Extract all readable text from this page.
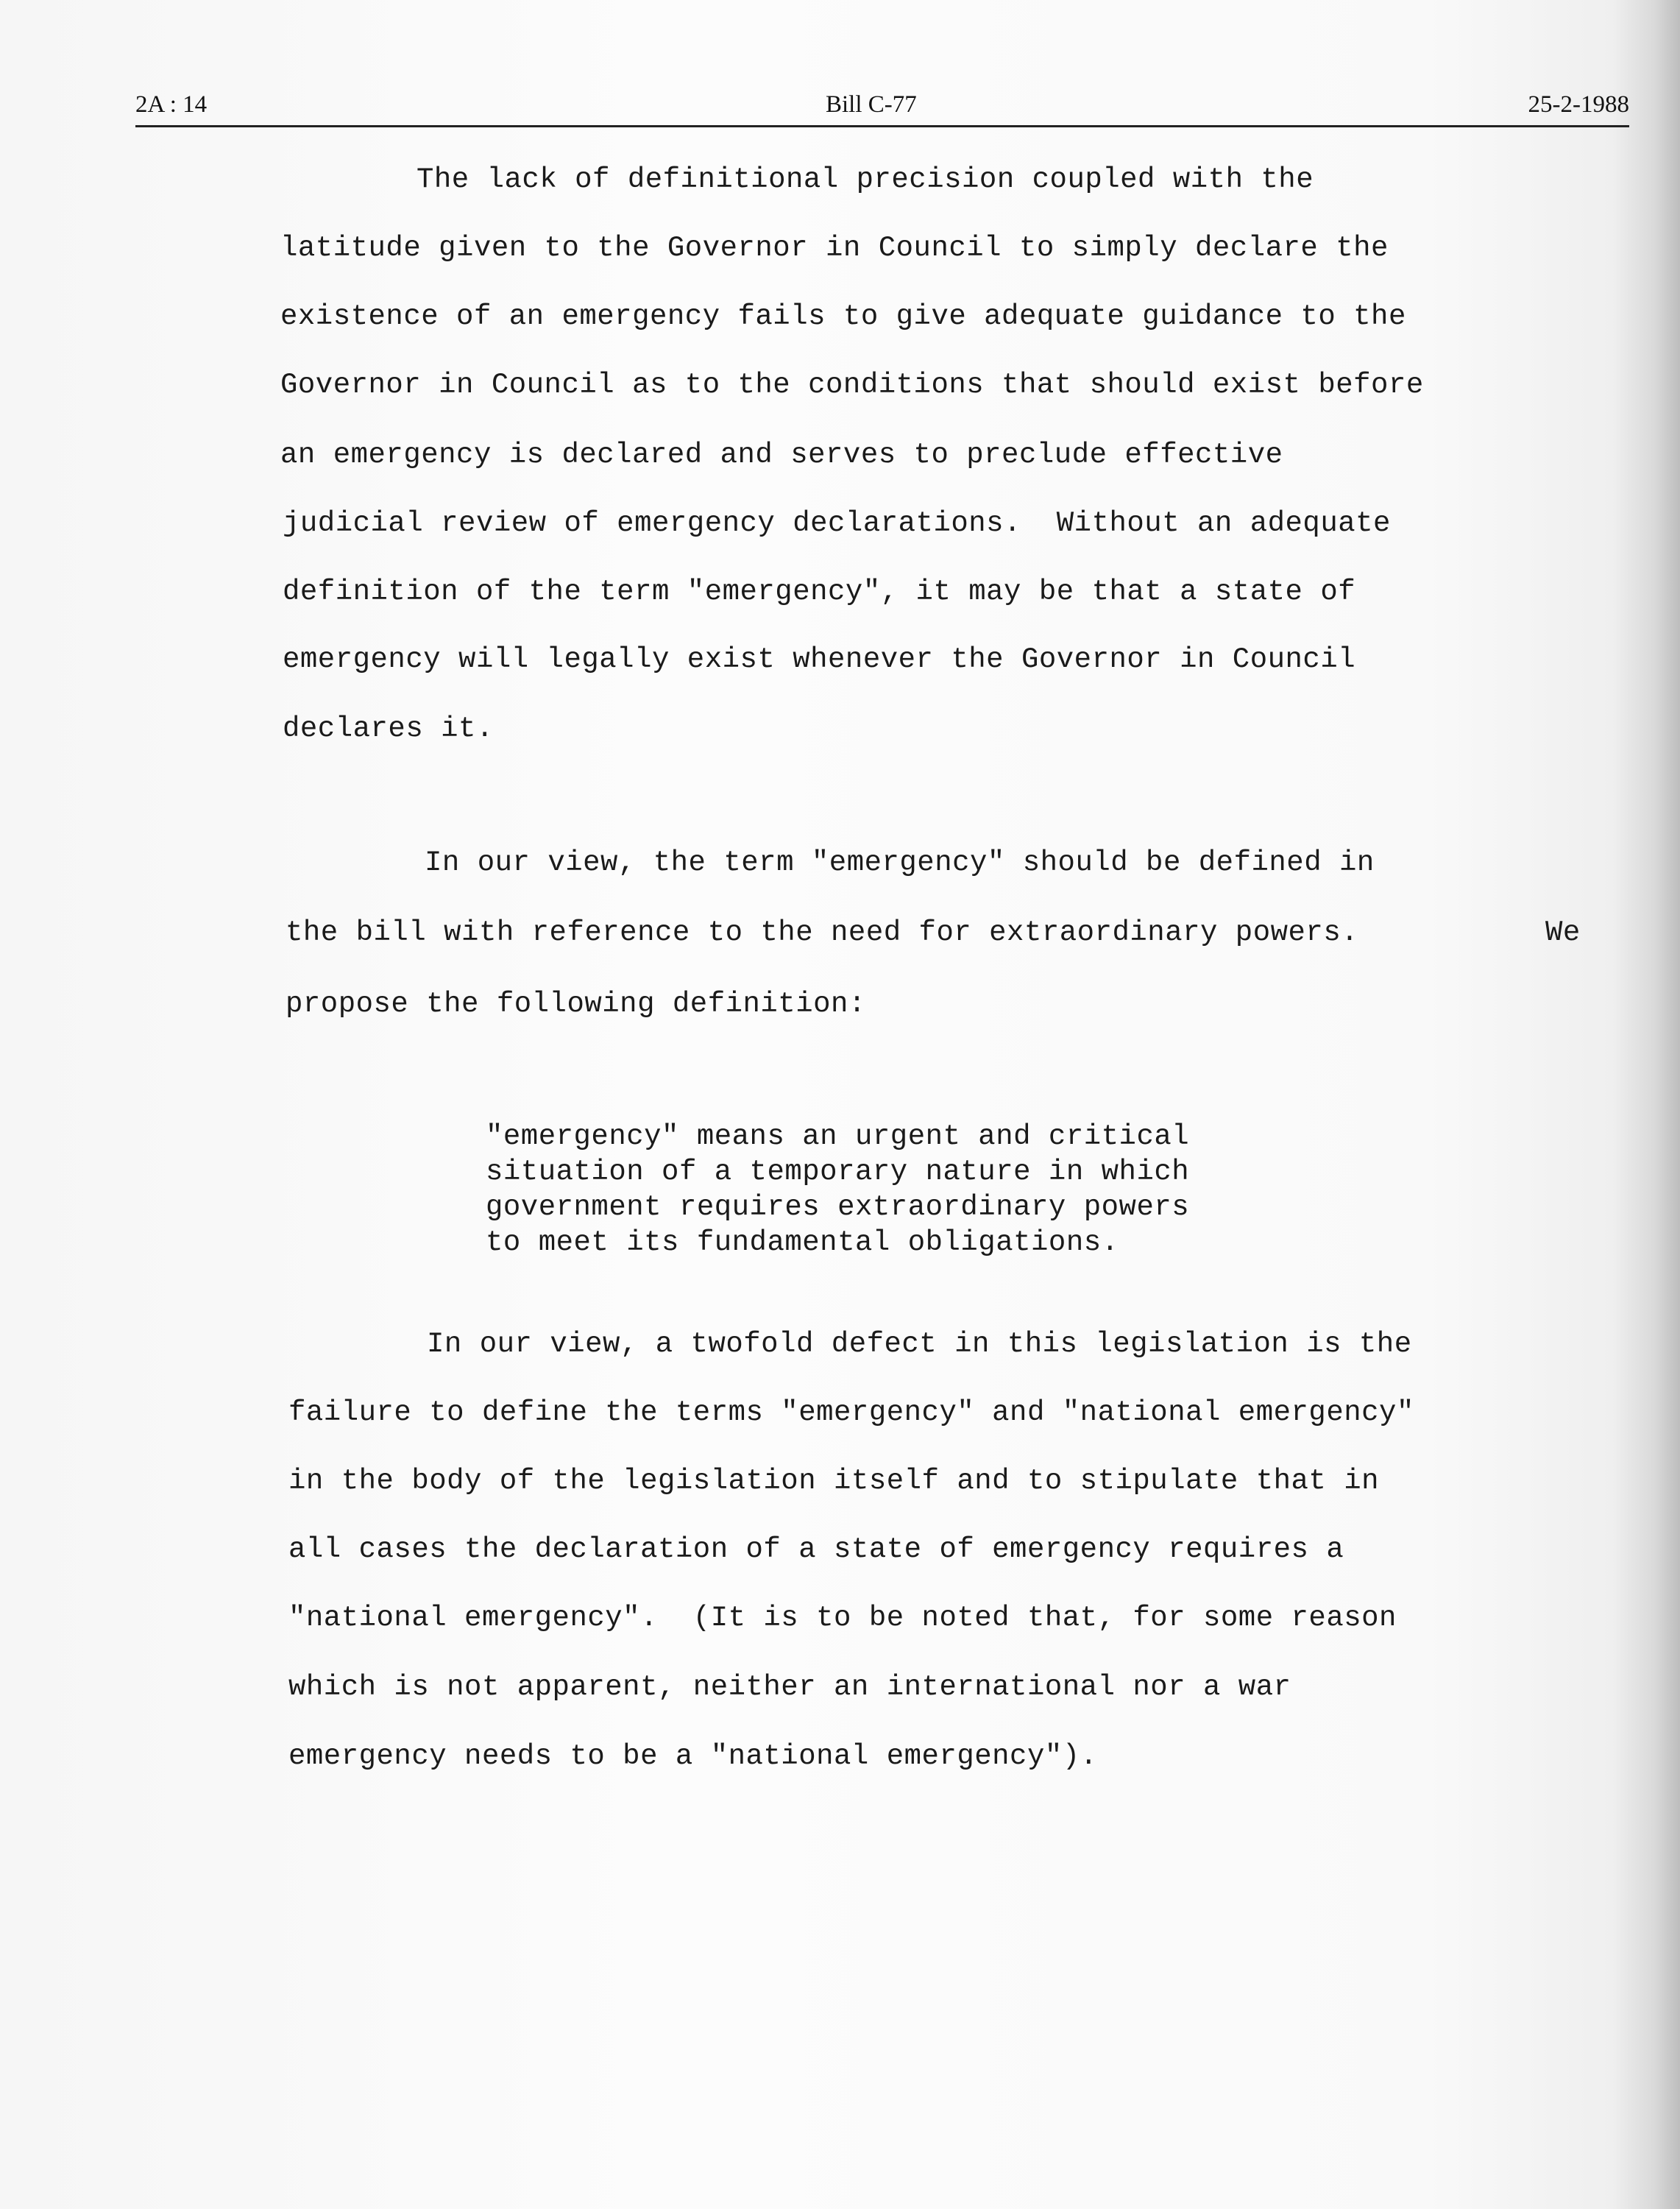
2A : 14	Bill C-77	25-2-1988
The lack of definitional precision coupled with the
latitude given to the Governor in Council to simply declare the
existence of an emergency fails to give adequate guidance to the
Governor in Council as to the conditions that should exist before
an emergency is declared and serves to preclude effective
judicial review of emergency declarations.  Without an adequate
definition of the term "emergency", it may be that a state of
emergency will legally exist whenever the Governor in Council
declares it.
In our view, the term "emergency" should be defined in
the bill with reference to the need for extraordinary powers.	We
propose the following definition:
"emergency" means an urgent and critical
situation of a temporary nature in which
government requires extraordinary powers
to meet its fundamental obligations.
In our view, a twofold defect in this legislation is the
failure to define the terms "emergency" and "national emergency"
in the body of the legislation itself and to stipulate that in
all cases the declaration of a state of emergency requires a
"national emergency".  (It is to be noted that, for some reason
which is not apparent, neither an international nor a war
emergency needs to be a "national emergency").
